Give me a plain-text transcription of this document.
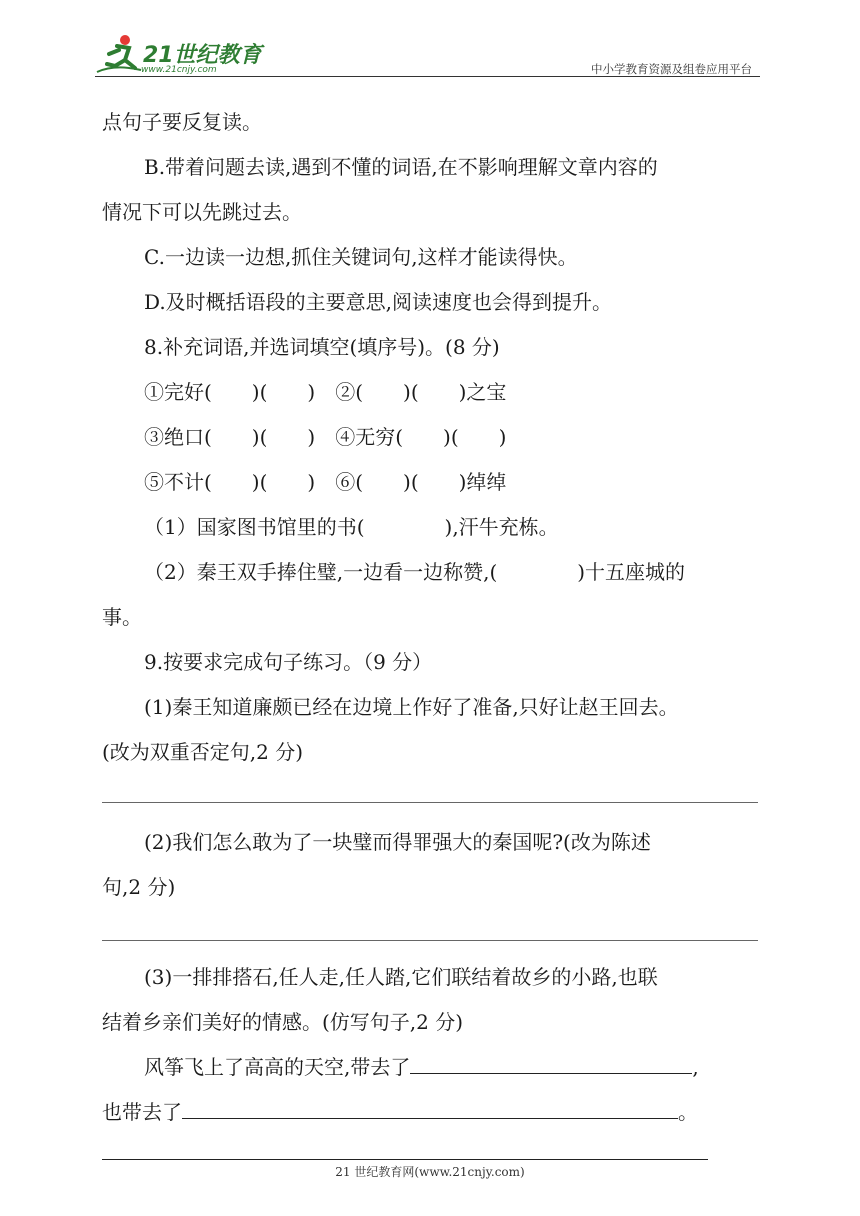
21世纪教育
www.21cnjy.com	中小学教育资源及组卷应用平台
点句子要反复读。
B.带着问题去读,遇到不懂的词语,在不影响理解文章内容的
情况下可以先跳过去。
C.一边读一边想,抓住关键词句,这样才能读得快。
D.及时概括语段的主要意思,阅读速度也会得到提升。
8.补充词语,并选词填空(填序号)。(8 分)
①完好(　　)(　　)　②(　　)(　　)之宝
③绝口(　　)(　　)　④无穷(　　)(　　)
⑤不计(　　)(　　)　⑥(　　)(　　)绰绰
（1）国家图书馆里的书(　　　　),汗牛充栋。
（2）秦王双手捧住璧,一边看一边称赞,(　　　　)十五座城的
事。
9.按要求完成句子练习。（9 分）
(1)秦王知道廉颇已经在边境上作好了准备,只好让赵王回去。
(改为双重否定句,2 分)
(2)我们怎么敢为了一块璧而得罪强大的秦国呢?(改为陈述
句,2 分)
(3)一排排搭石,任人走,任人踏,它们联结着故乡的小路,也联
结着乡亲们美好的情感。(仿写句子,2 分)
风筝飞上了高高的天空,带去了	,
也带去了	。
21 世纪教育网(www.21cnjy.com)
